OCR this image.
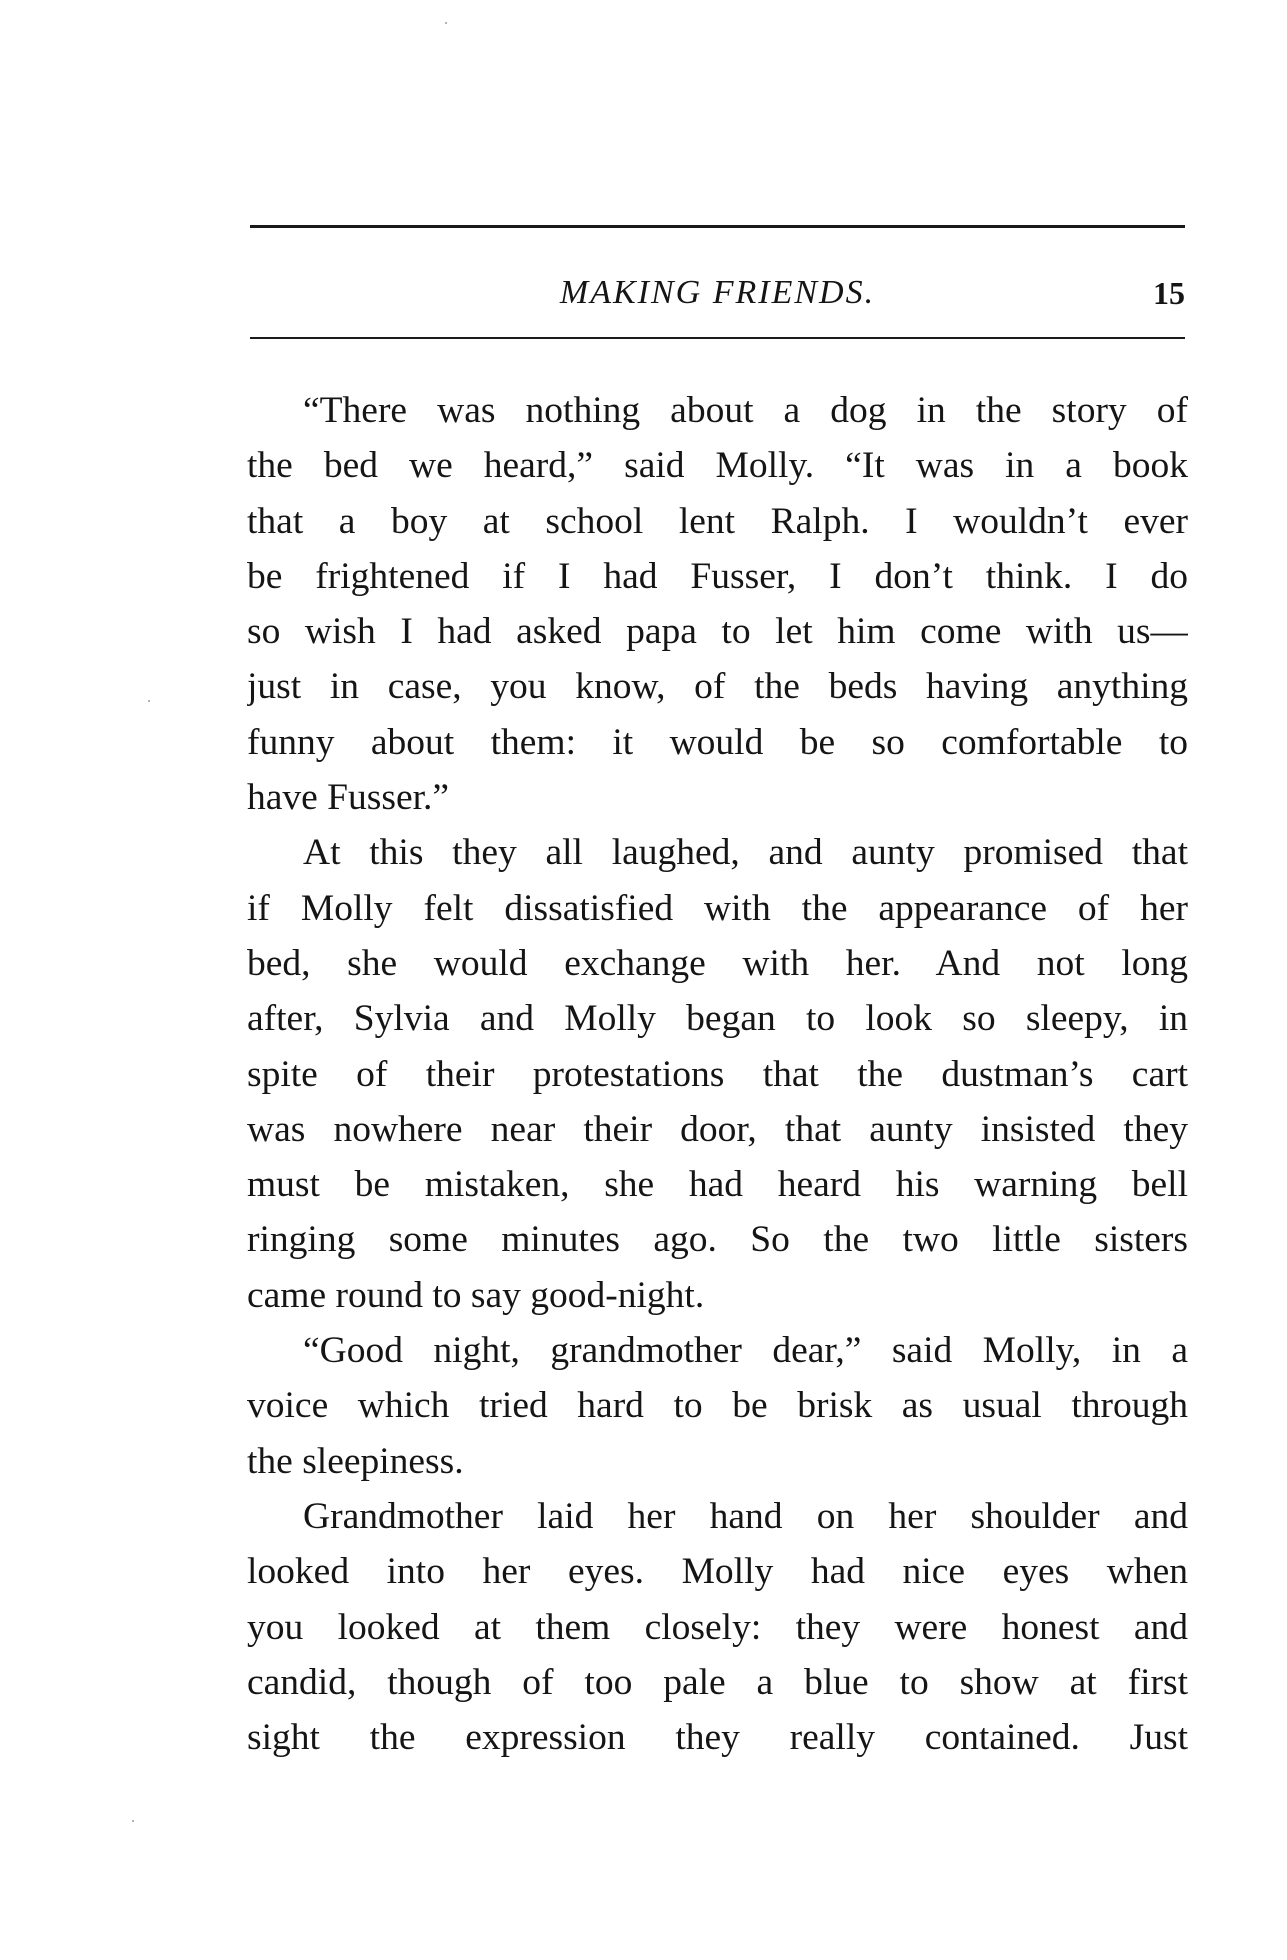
MAKING FRIENDS.	15
“There was nothing about a dog in the story of
the bed we heard,” said Molly. “It was in a book
that a boy at school lent Ralph. I wouldn’t ever
be frightened if I had Fusser, I don’t think. I do
so wish I had asked papa to let him come with us—
just in case, you know, of the beds having anything
funny about them: it would be so comfortable to
have Fusser.”
At this they all laughed, and aunty promised that
if Molly felt dissatisfied with the appearance of her
bed, she would exchange with her. And not long
after, Sylvia and Molly began to look so sleepy, in
spite of their protestations that the dustman’s cart
was nowhere near their door, that aunty insisted they
must be mistaken, she had heard his warning bell
ringing some minutes ago. So the two little sisters
came round to say good-night.
“Good night, grandmother dear,” said Molly, in a
voice which tried hard to be brisk as usual through
the sleepiness.
Grandmother laid her hand on her shoulder and
looked into her eyes. Molly had nice eyes when
you looked at them closely: they were honest and
candid, though of too pale a blue to show at first
sight the expression they really contained. Just
